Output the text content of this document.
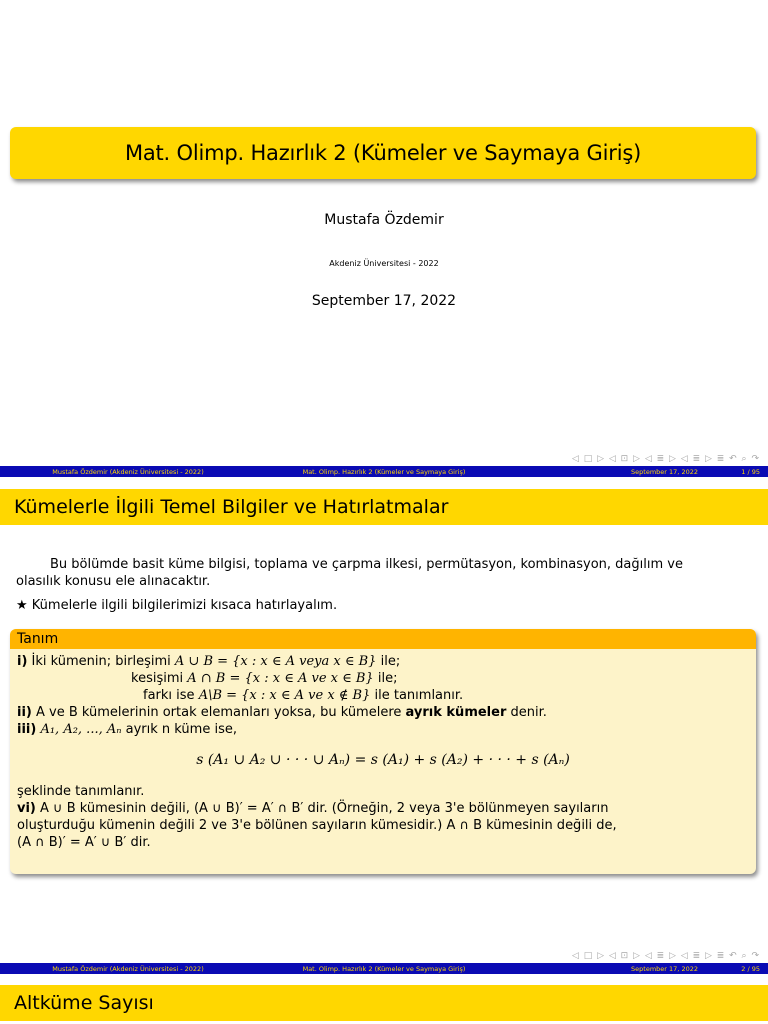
Mat. Olimp. Hazırlık 2 (Kümeler ve Saymaya Giriş)
Mustafa Özdemir
Akdeniz Üniversitesi - 2022
September 17, 2022
◁ □ ▷ ◁ ⊡ ▷ ◁ ≣ ▷ ◁ ≣ ▷ ≣ ↶ ⌕ ↷
Mustafa Özdemir (Akdeniz Üniversitesi - 2022)	Mat. Olimp. Hazırlık 2 (Kümeler ve Saymaya Giriş)	September 17, 2022	1 / 95
Kümelerle İlgili Temel Bilgiler ve Hatırlatmalar
Bu bölümde basit küme bilgisi, toplama ve çarpma ilkesi, permütasyon, kombinasyon, dağılım ve
olasılık konusu ele alınacaktır.
★ Kümelerle ilgili bilgilerimizi kısaca hatırlayalım.
Tanım
i) İki kümenin; birleşimi A ∪ B = {x : x ∈ A veya x ∈ B} ile;
kesişimi A ∩ B = {x : x ∈ A ve x ∈ B} ile;
farkı ise A\B = {x : x ∈ A ve x ∉ B} ile tanımlanır.
ii) A ve B kümelerinin ortak elemanları yoksa, bu kümelere ayrık kümeler denir.
iii) A₁, A₂, ..., Aₙ ayrık n küme ise,
s (A₁ ∪ A₂ ∪ · · · ∪ Aₙ) = s (A₁) + s (A₂) + · · · + s (Aₙ)
şeklinde tanımlanır.
vi) A ∪ B kümesinin değili, (A ∪ B)′ = A′ ∩ B′ dir. (Örneğin, 2 veya 3'e bölünmeyen sayıların
oluşturduğu kümenin değili 2 ve 3'e bölünen sayıların kümesidir.) A ∩ B kümesinin değili de,
(A ∩ B)′ = A′ ∪ B′ dir.
◁ □ ▷ ◁ ⊡ ▷ ◁ ≣ ▷ ◁ ≣ ▷ ≣ ↶ ⌕ ↷
Mustafa Özdemir (Akdeniz Üniversitesi - 2022)	Mat. Olimp. Hazırlık 2 (Kümeler ve Saymaya Giriş)	September 17, 2022	2 / 95
Altküme Sayısı
